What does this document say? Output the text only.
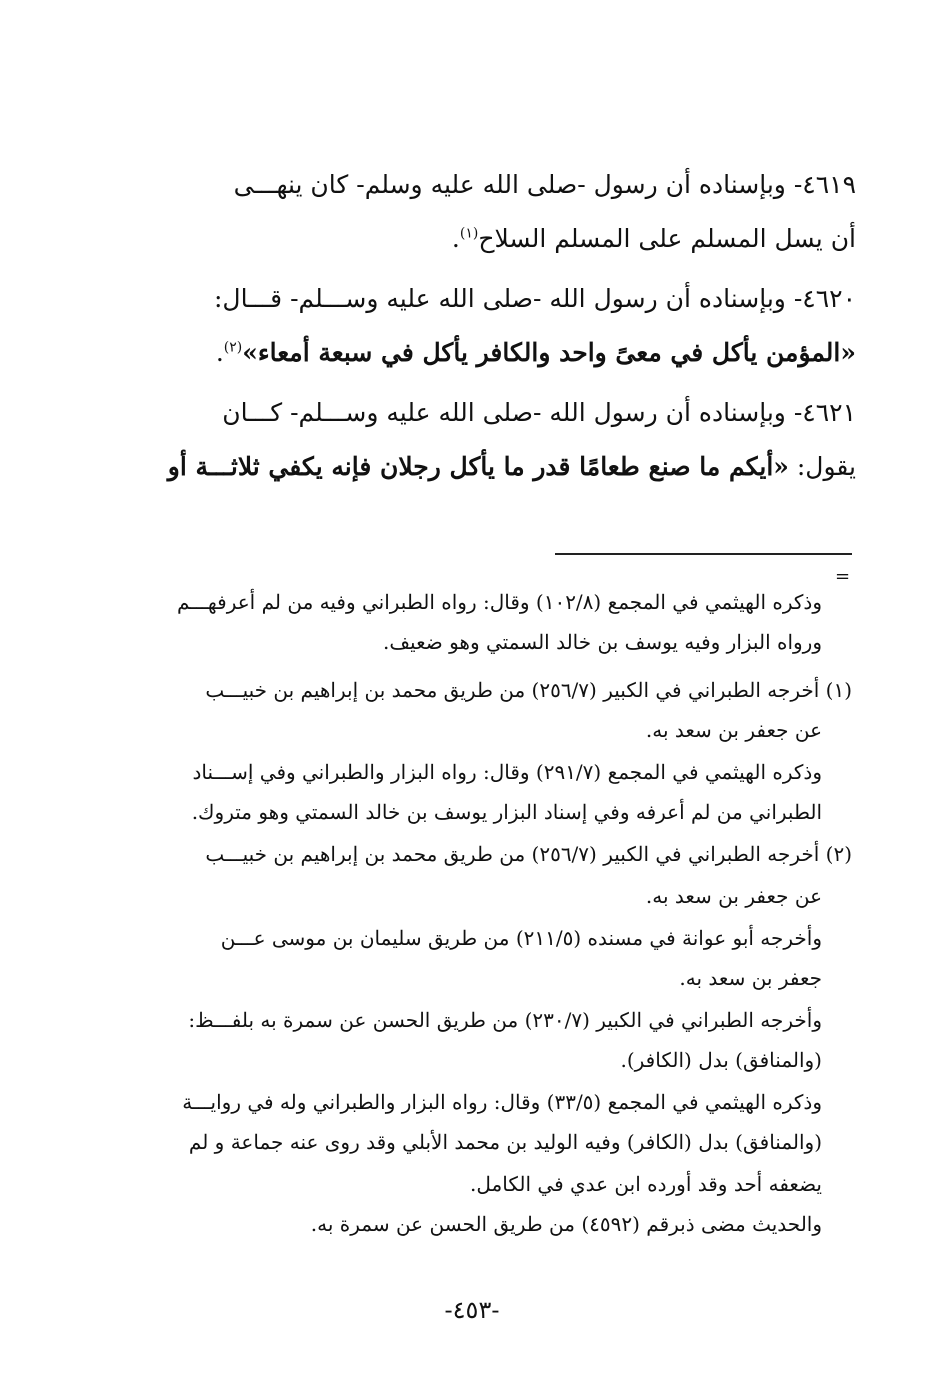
٤٦١٩- وبإسناده أن رسول -صلى الله عليه وسلم- كان ينهـــى
أن يسل المسلم على المسلم السلاح$^{(١)}$.
٤٦٢٠- وبإسناده أن رسول الله -صلى الله عليه وســـلم- قـــال:
«المؤمن يأكل في معىً واحد والكافر يأكل في سبعة أمعاء»$^{(٢)}$.
٤٦٢١- وبإسناده أن رسول الله -صلى الله عليه وســـلم- كـــان
يقول: «أيكم ما صنع طعامًا قدر ما يأكل رجلان فإنه يكفي ثلاثـــة أو
=
وذكره الهيثمي في المجمع (١٠٢/٨) وقال: رواه الطبراني وفيه من لم أعرفهـــم
ورواه البزار وفيه يوسف بن خالد السمتي وهو ضعيف.
(١) أخرجه الطبراني في الكبير (٢٥٦/٧) من طريق محمد بن إبراهيم بن خبيـــب
عن جعفر بن سعد به.
وذكره الهيثمي في المجمع (٢٩١/٧) وقال: رواه البزار والطبراني وفي إســـناد
الطبراني من لم أعرفه وفي إسناد البزار يوسف بن خالد السمتي وهو متروك.
(٢) أخرجه الطبراني في الكبير (٢٥٦/٧) من طريق محمد بن إبراهيم بن خبيـــب
عن جعفر بن سعد به.
وأخرجه أبو عوانة في مسنده (٢١١/٥) من طريق سليمان بن موسى عـــن
جعفر بن سعد به.
وأخرجه الطبراني في الكبير (٢٣٠/٧) من طريق الحسن عن سمرة به بلفـــظ:
(والمنافق) بدل (الكافر).
وذكره الهيثمي في المجمع (٣٣/٥) وقال: رواه البزار والطبراني وله في روايـــة
(والمنافق) بدل (الكافر) وفيه الوليد بن محمد الأبلي وقد روى عنه جماعة و لم
يضعفه أحد وقد أورده ابن عدي في الكامل.
والحديث مضى ذبرقم (٤٥٩٢) من طريق الحسن عن سمرة به.
-٤٥٣-
